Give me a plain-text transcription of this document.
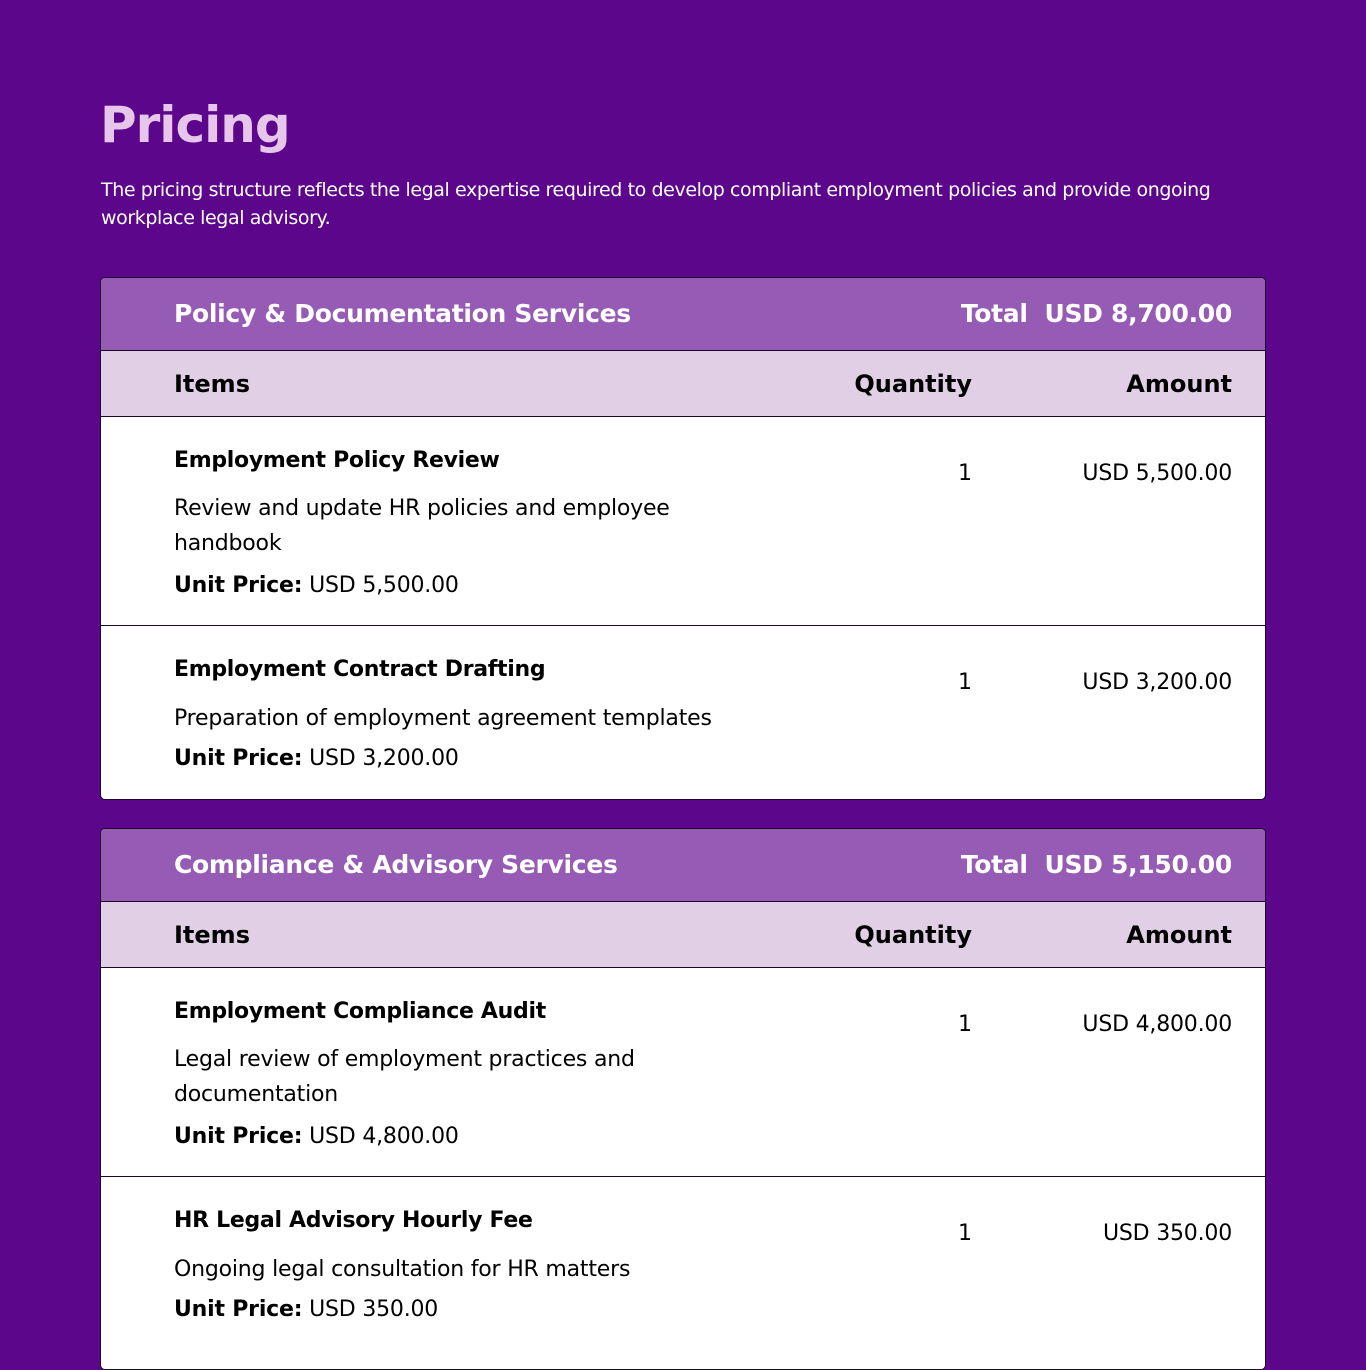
Pricing

The pricing structure reflects the legal expertise required to develop compliant employment policies and provide ongoing workplace legal advisory.

Policy & Documentation Services	Total USD 8,700.00
Items	Quantity	Amount
Employment Policy Review
Review and update HR policies and employee handbook
Unit Price: USD 5,500.00
1	USD 5,500.00
Employment Contract Drafting
Preparation of employment agreement templates
Unit Price: USD 3,200.00
1	USD 3,200.00
Compliance & Advisory Services	Total USD 5,150.00
Items	Quantity	Amount
Employment Compliance Audit
Legal review of employment practices and documentation
Unit Price: USD 4,800.00
1	USD 4,800.00
HR Legal Advisory Hourly Fee
Ongoing legal consultation for HR matters
Unit Price: USD 350.00
1	USD 350.00
